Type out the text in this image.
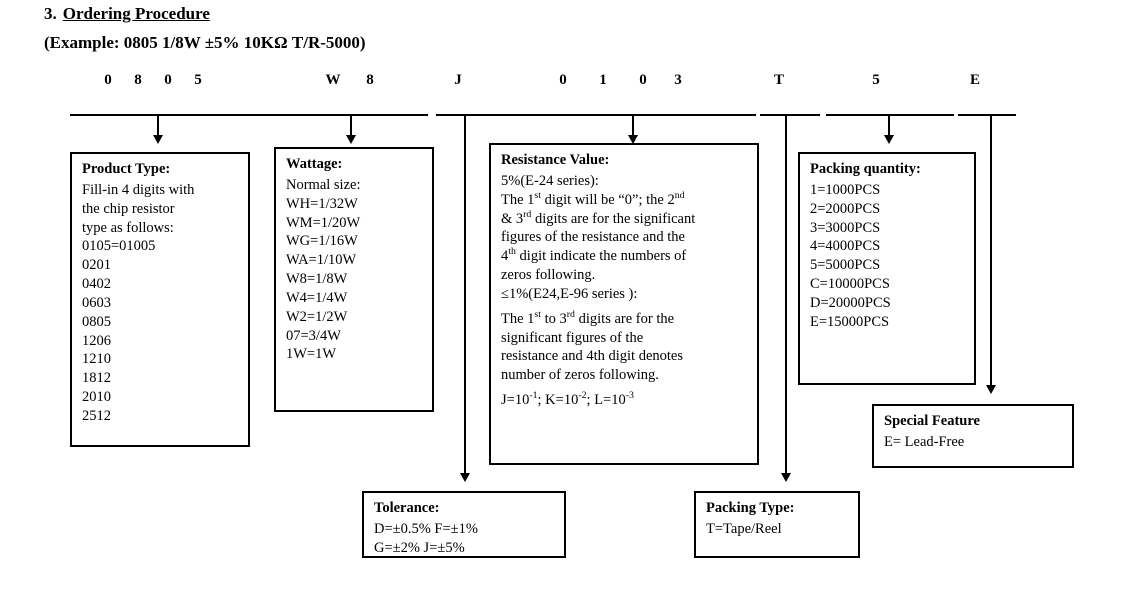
3. Ordering Procedure
(Example: 0805 1/8W ±5% 10KΩ T/R-5000)
0	8	0	5	W	8	J	0	1	0	3	T	5	E
Product Type:
Fill-in 4 digits with
the chip resistor
type as follows:
0105=01005
0201
0402
0603
0805
1206
1210
1812
2010
2512
Wattage:
Normal size:
WH=1/32W
WM=1/20W
WG=1/16W
WA=1/10W
W8=1/8W
W4=1/4W
W2=1/2W
07=3/4W
1W=1W
Resistance Value:
5%(E-24 series):
The 1st digit will be “0”; the 2nd
& 3rd digits are for the significant
figures of the resistance and the
4th digit indicate the numbers of
zeros following.
≤1%(E24,E-96 series ):
The 1st to 3rd digits are for the
significant figures of the
resistance and 4th digit denotes
number of zeros following.
$J=10^{-1}$; $K=10^{-2}$; $L=10^{-3}$
Packing quantity:
1=1000PCS
2=2000PCS
3=3000PCS
4=4000PCS
5=5000PCS
C=10000PCS
D=20000PCS
E=15000PCS
Special Feature
E= Lead-Free
Tolerance:
D=±0.5% F=±1%
G=±2% J=±5%
Packing Type:
T=Tape/Reel
